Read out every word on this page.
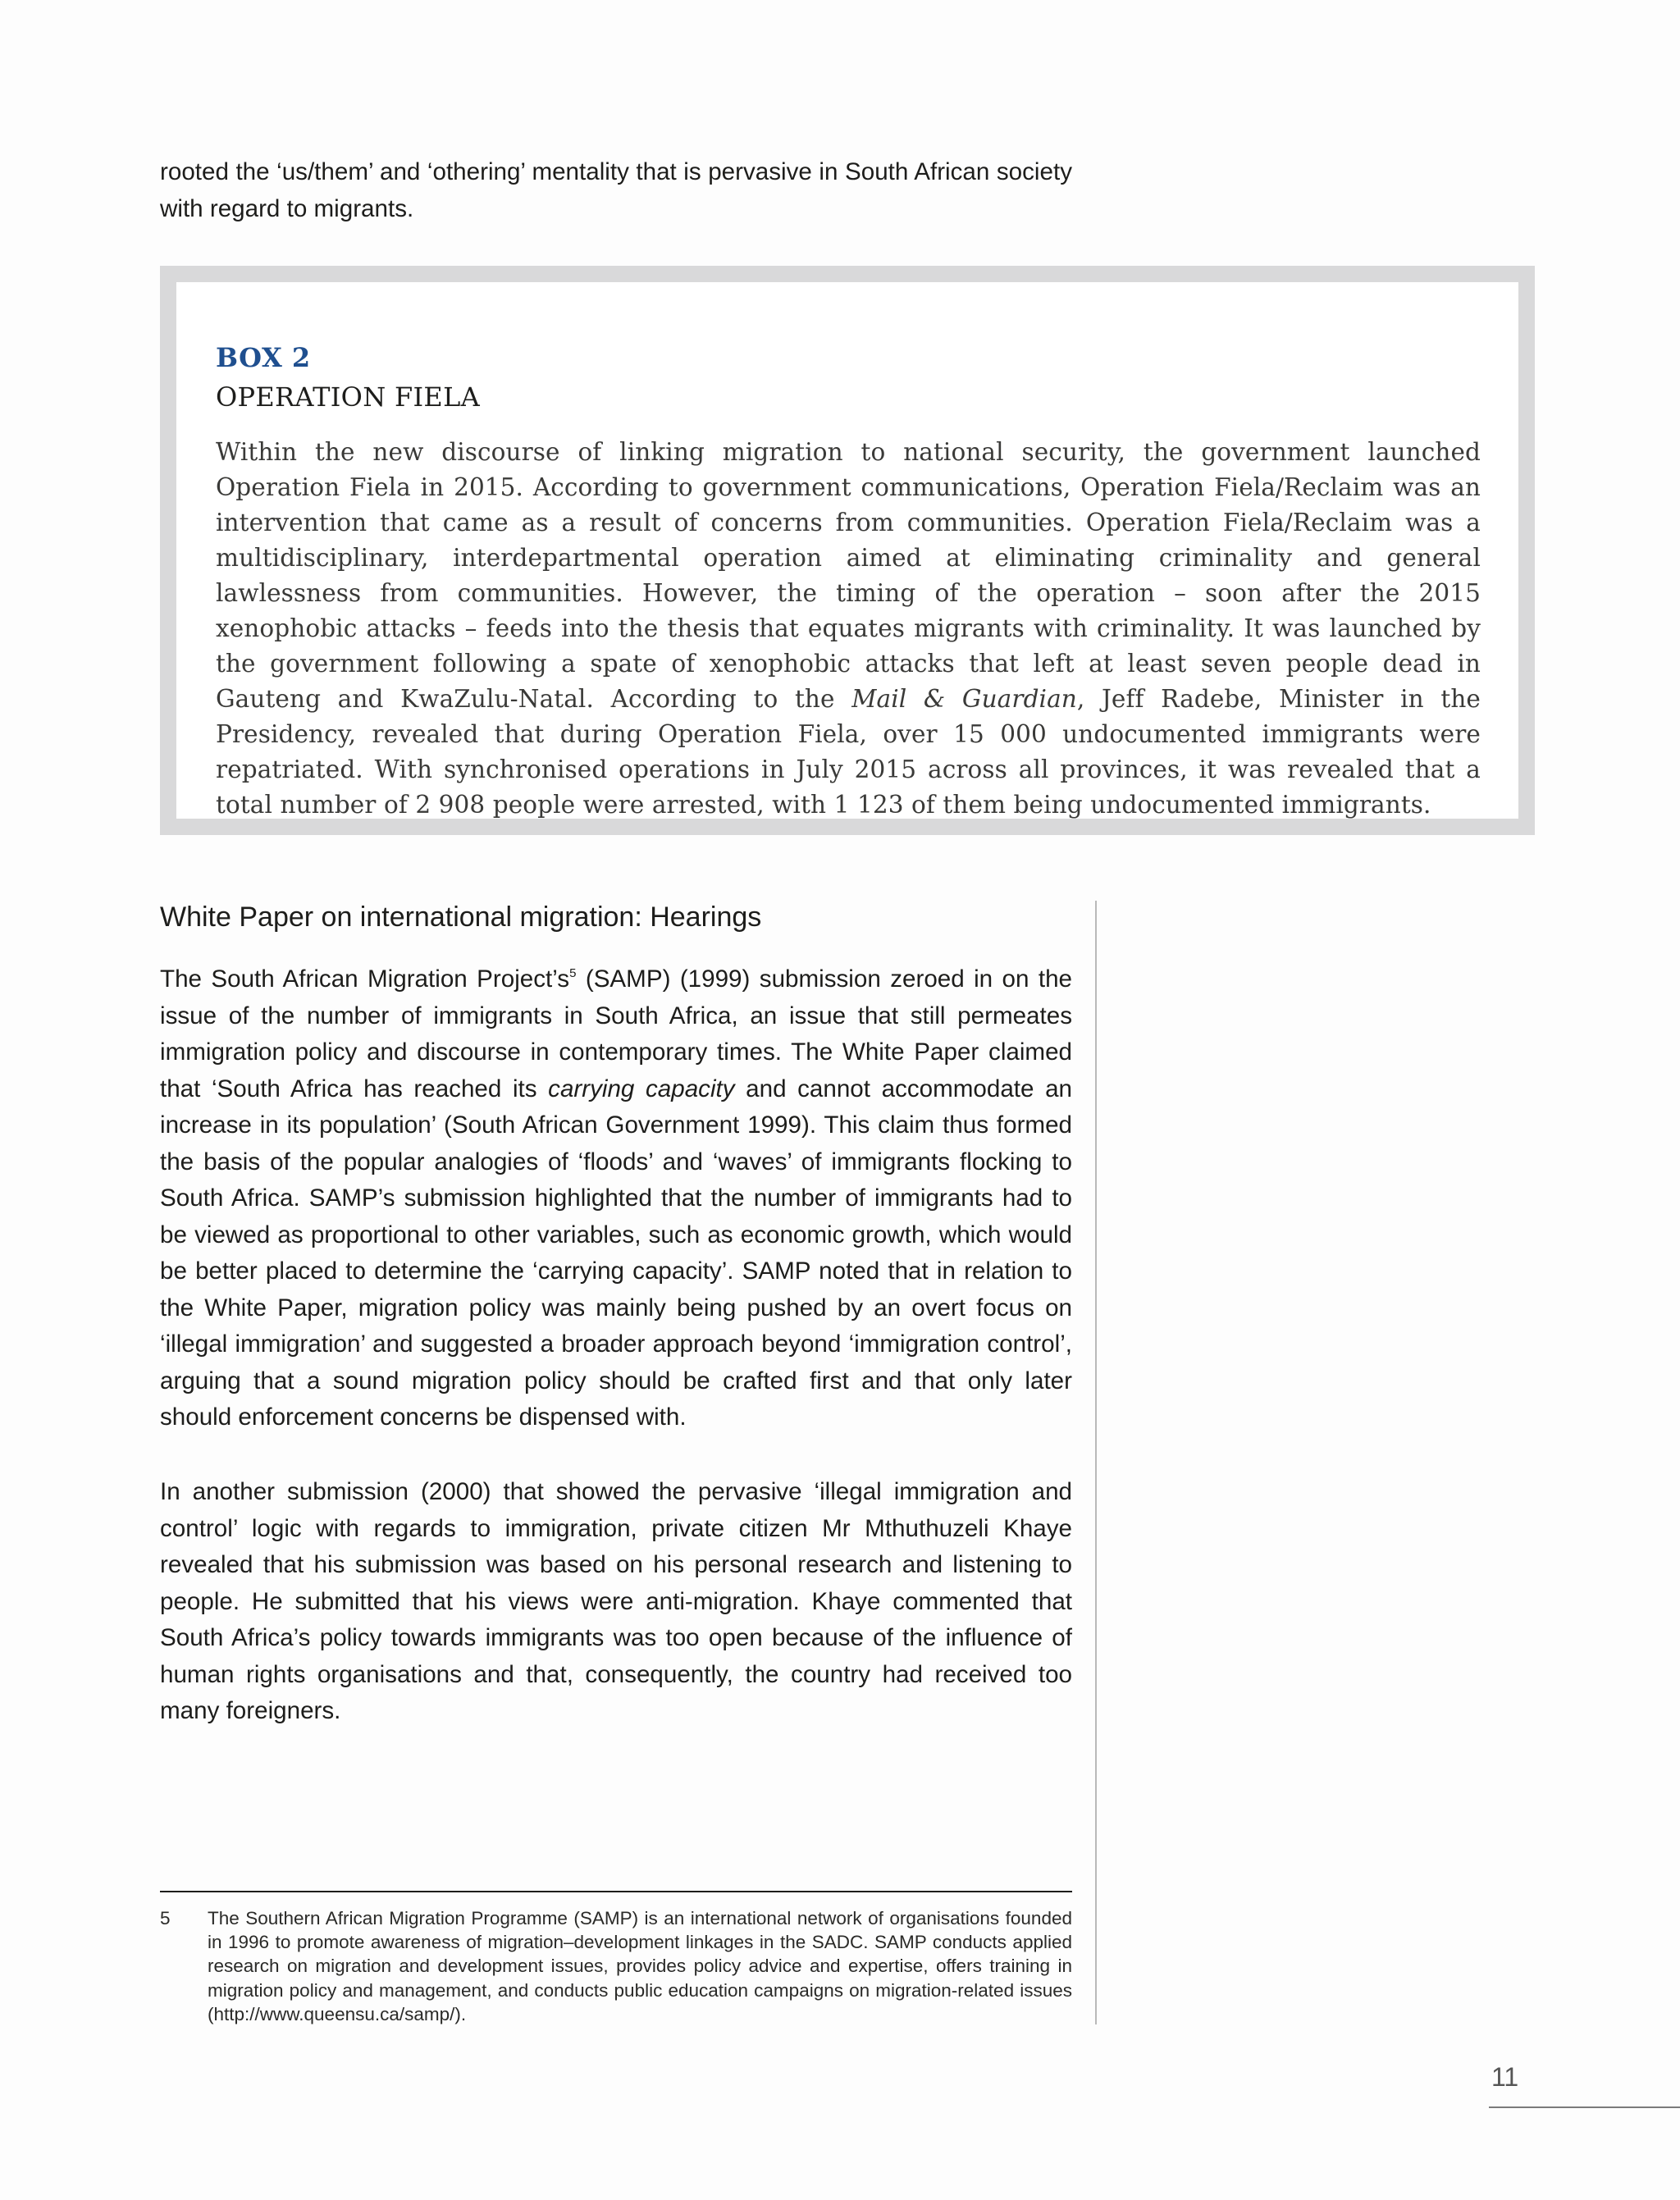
rooted the ‘us/them’ and ‘othering’ mentality that is pervasive in South African society with regard to migrants.

BOX 2
OPERATION FIELA

Within the new discourse of linking migration to national security, the government launched Operation Fiela in 2015. According to government communications, Operation Fiela/Reclaim was an intervention that came as a result of concerns from communities. Operation Fiela/Reclaim was a multidisciplinary, interdepartmental operation aimed at eliminating criminality and general lawlessness from communities. However, the timing of the operation – soon after the 2015 xenophobic attacks – feeds into the thesis that equates migrants with criminality. It was launched by the government following a spate of xenophobic attacks that left at least seven people dead in Gauteng and KwaZulu-Natal. According to the Mail & Guardian, Jeff Radebe, Minister in the Presidency, revealed that during Operation Fiela, over 15 000 undocumented immigrants were repatriated. With synchronised operations in July 2015 across all provinces, it was revealed that a total number of 2 908 people were arrested, with 1 123 of them being undocumented immigrants.

White Paper on international migration: Hearings

The South African Migration Project’s$^5$ (SAMP) (1999) submission zeroed in on the issue of the number of immigrants in South Africa, an issue that still permeates immigration policy and discourse in contemporary times. The White Paper claimed that ‘South Africa has reached its carrying capacity and cannot accommodate an increase in its population’ (South African Government 1999). This claim thus formed the basis of the popular analogies of ‘floods’ and ‘waves’ of immigrants flocking to South Africa. SAMP’s submission highlighted that the number of immigrants had to be viewed as proportional to other variables, such as economic growth, which would be better placed to determine the ‘carrying capacity’. SAMP noted that in relation to the White Paper, migration policy was mainly being pushed by an overt focus on ‘illegal immigration’ and suggested a broader approach beyond ‘immigration control’, arguing that a sound migration policy should be crafted first and that only later should enforcement concerns be dispensed with.

In another submission (2000) that showed the pervasive ‘illegal immigration and control’ logic with regards to immigration, private citizen Mr Mthuthuzeli Khaye revealed that his submission was based on his personal research and listening to people. He submitted that his views were anti-migration. Khaye commented that South Africa’s policy towards immigrants was too open because of the influence of human rights organisations and that, consequently, the country had received too many foreigners.

5 The Southern African Migration Programme (SAMP) is an international network of organisations founded in 1996 to promote awareness of migration–development linkages in the SADC. SAMP conducts applied research on migration and development issues, provides policy advice and expertise, offers training in migration policy and management, and conducts public education campaigns on migration-related issues (http://www.queensu.ca/samp/).
11
